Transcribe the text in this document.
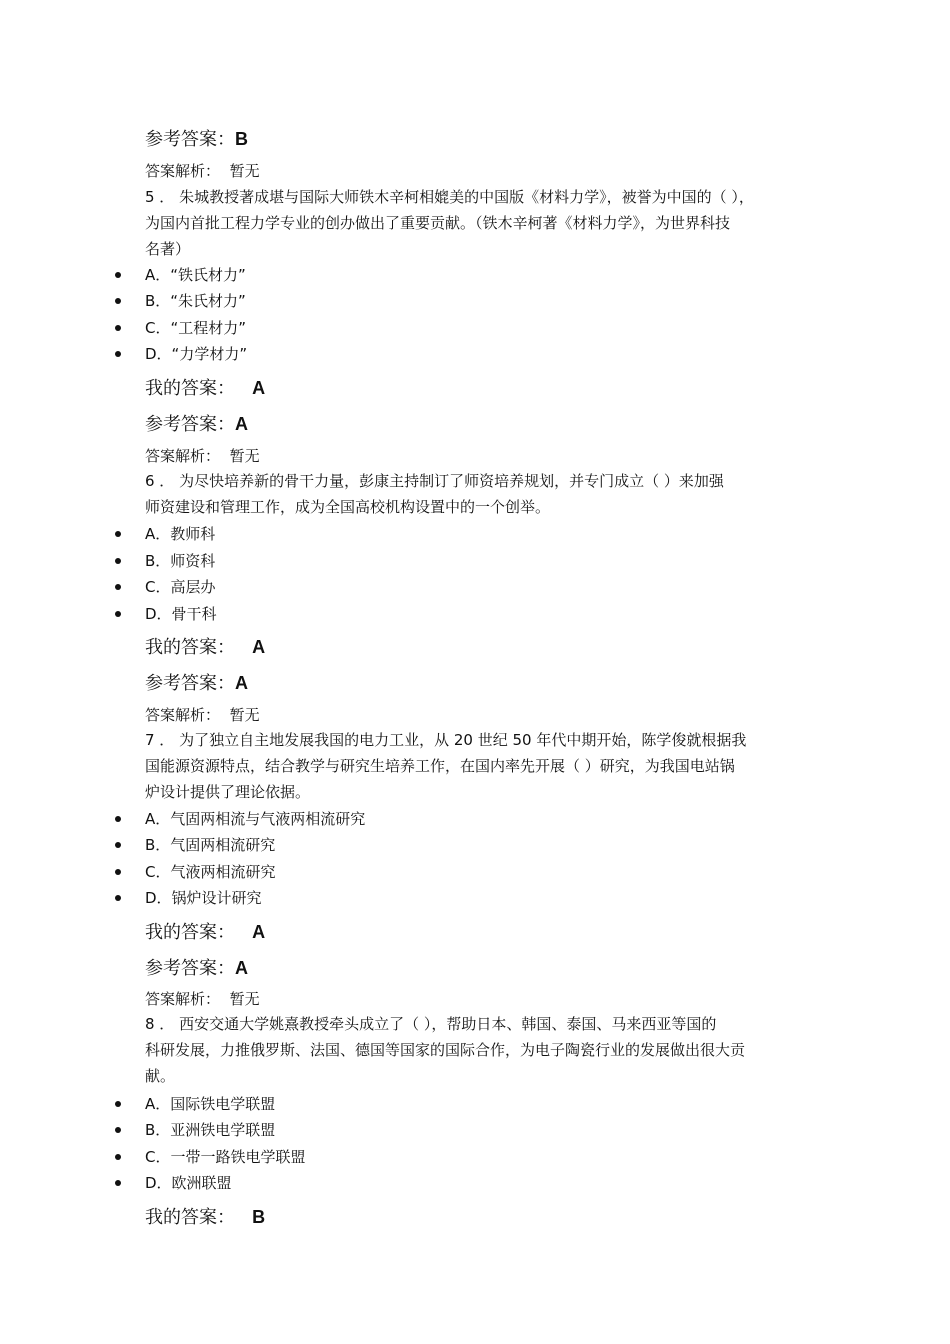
参考答案：B
答案解析： 暂无
5 ． 朱城教授著成堪与国际大师铁木辛柯相媲美的中国版《材料力学》，被誉为中国的（ ），
为国内首批工程力学专业的创办做出了重要贡献。（铁木辛柯著《材料力学》，为世界科技
名著）
A．“铁氏材力”
B．“朱氏材力”
C．“工程材力”
D．“力学材力”
我的答案： A
参考答案：A
答案解析： 暂无
6 ． 为尽快培养新的骨干力量，彭康主持制订了师资培养规划，并专门成立（ ）来加强
师资建设和管理工作，成为全国高校机构设置中的一个创举。
A．教师科
B．师资科
C．高层办
D．骨干科
我的答案： A
参考答案：A
答案解析： 暂无
7 ． 为了独立自主地发展我国的电力工业，从 20 世纪 50 年代中期开始，陈学俊就根据我
国能源资源特点，结合教学与研究生培养工作，在国内率先开展（ ）研究，为我国电站锅
炉设计提供了理论依据。
A．气固两相流与气液两相流研究
B．气固两相流研究
C．气液两相流研究
D．锅炉设计研究
我的答案： A
参考答案：A
答案解析： 暂无
8 ． 西安交通大学姚熹教授牵头成立了（ ），帮助日本、韩国、泰国、马来西亚等国的
科研发展，力推俄罗斯、法国、德国等国家的国际合作，为电子陶瓷行业的发展做出很大贡
献。
A．国际铁电学联盟
B．亚洲铁电学联盟
C．一带一路铁电学联盟
D．欧洲联盟
我的答案： B
